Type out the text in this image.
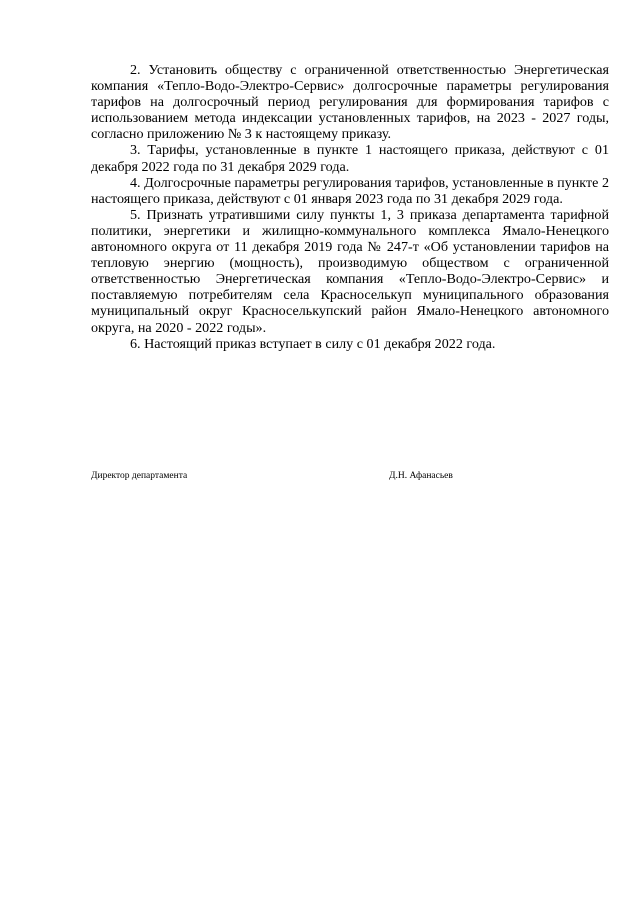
2. Установить обществу с ограниченной ответственностью Энергетическая компания «Тепло-Водо-Электро-Сервис» долгосрочные параметры регулирования тарифов на долгосрочный период регулирования для формирования тарифов с использованием метода индексации установленных тарифов, на 2023 - 2027 годы, согласно приложению № 3 к настоящему приказу.

3. Тарифы, установленные в пункте 1 настоящего приказа, действуют с 01 декабря 2022 года по 31 декабря 2029 года.

4. Долгосрочные параметры регулирования тарифов, установленные в пункте 2 настоящего приказа, действуют с 01 января 2023 года по 31 декабря 2029 года.

5. Признать утратившими силу пункты 1, 3 приказа департамента тарифной политики, энергетики и жилищно-коммунального комплекса Ямало-Ненецкого автономного округа от 11 декабря 2019 года № 247-т «Об установлении тарифов на тепловую энергию (мощность), производимую обществом с ограниченной ответственностью Энергетическая компания «Тепло-Водо-Электро-Сервис» и поставляемую потребителям села Красноселькуп муниципального образования муниципальный округ Красноселькупский район Ямало-Ненецкого автономного округа, на 2020 - 2022 годы».

6. Настоящий приказ вступает в силу с 01 декабря 2022 года.

Директор департамента	Д.Н. Афанасьев
